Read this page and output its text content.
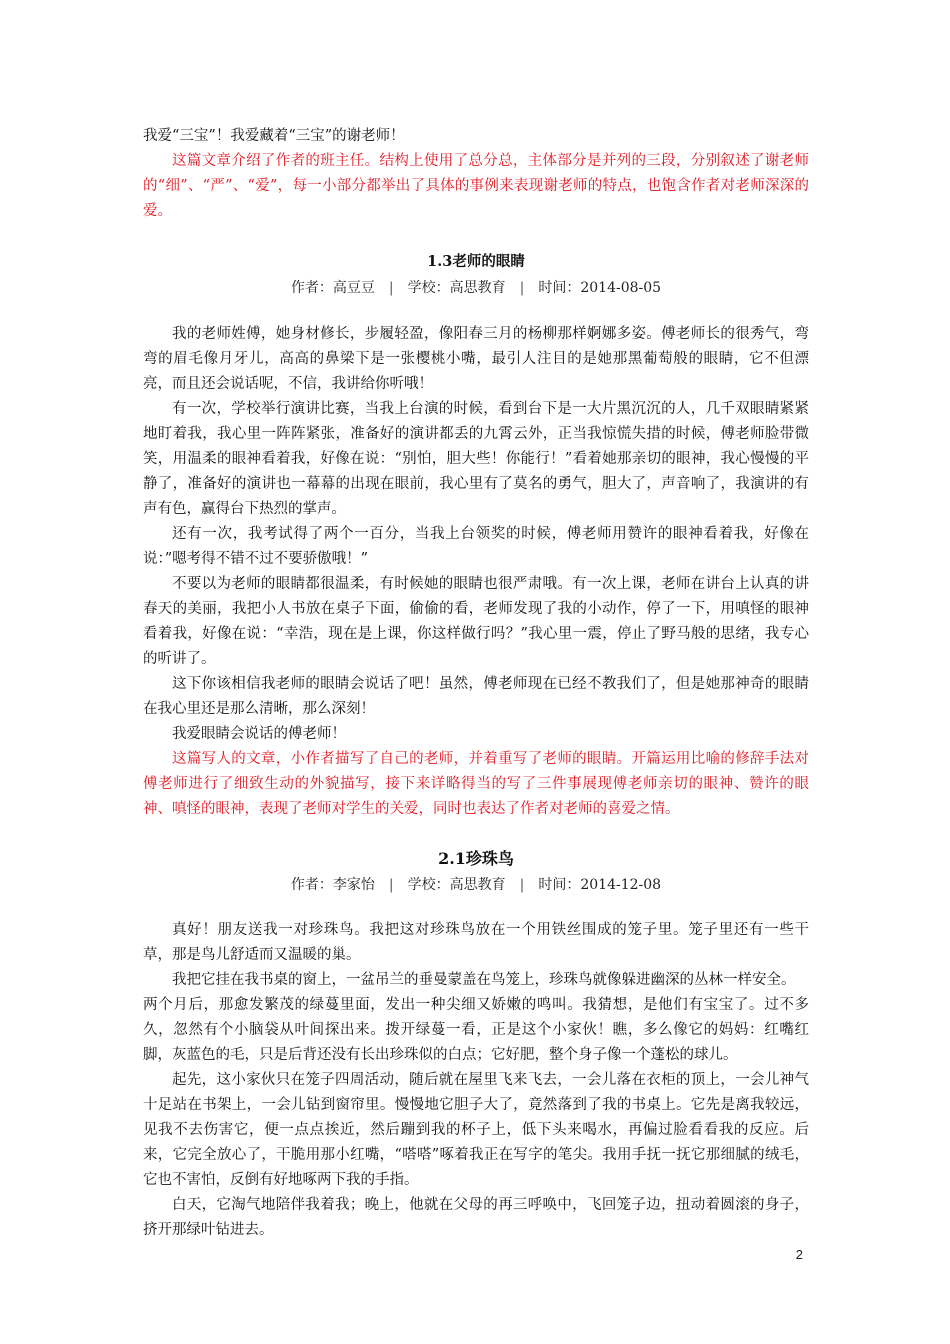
我爱“三宝”！我爱藏着“三宝”的谢老师！

这篇文章介绍了作者的班主任。结构上使用了总分总，主体部分是并列的三段，分别叙述了谢老师的“细”、“严”、“爱”，每一小部分都举出了具体的事例来表现谢老师的特点，也饱含作者对老师深深的爱。

1.3老师的眼睛
作者：高豆豆 | 学校：高思教育 | 时间：2014-08-05

我的老师姓傅，她身材修长，步履轻盈，像阳春三月的杨柳那样婀娜多姿。傅老师长的很秀气，弯弯的眉毛像月牙儿，高高的鼻梁下是一张樱桃小嘴，最引人注目的是她那黑葡萄般的眼睛，它不但漂亮，而且还会说话呢，不信，我讲给你听哦！

有一次，学校举行演讲比赛，当我上台演的时候，看到台下是一大片黑沉沉的人，几千双眼睛紧紧地盯着我，我心里一阵阵紧张，准备好的演讲都丢的九霄云外，正当我惊慌失措的时候，傅老师脸带微笑，用温柔的眼神看着我，好像在说：“别怕，胆大些！你能行！”看着她那亲切的眼神，我心慢慢的平静了，准备好的演讲也一幕幕的出现在眼前，我心里有了莫名的勇气，胆大了，声音响了，我演讲的有声有色，赢得台下热烈的掌声。

还有一次，我考试得了两个一百分，当我上台领奖的时候，傅老师用赞许的眼神看着我，好像在说：”嗯考得不错不过不要骄傲哦！”

不要以为老师的眼睛都很温柔，有时候她的眼睛也很严肃哦。有一次上课，老师在讲台上认真的讲春天的美丽，我把小人书放在桌子下面，偷偷的看，老师发现了我的小动作，停了一下，用嗔怪的眼神看着我，好像在说：“幸浩，现在是上课，你这样做行吗？”我心里一震，停止了野马般的思绪，我专心的听讲了。

这下你该相信我老师的眼睛会说话了吧！虽然，傅老师现在已经不教我们了，但是她那神奇的眼睛在我心里还是那么清晰，那么深刻！

我爱眼睛会说话的傅老师！

这篇写人的文章，小作者描写了自己的老师，并着重写了老师的眼睛。开篇运用比喻的修辞手法对傅老师进行了细致生动的外貌描写，接下来详略得当的写了三件事展现傅老师亲切的眼神、赞许的眼神、嗔怪的眼神，表现了老师对学生的关爱，同时也表达了作者对老师的喜爱之情。

2.1珍珠鸟
作者：李家怡 | 学校：高思教育 | 时间：2014-12-08

真好！朋友送我一对珍珠鸟。我把这对珍珠鸟放在一个用铁丝围成的笼子里。笼子里还有一些干草，那是鸟儿舒适而又温暖的巢。

我把它挂在我书桌的窗上，一盆吊兰的垂曼蒙盖在鸟笼上，珍珠鸟就像躲进幽深的丛林一样安全。

两个月后，那愈发繁茂的绿蔓里面，发出一种尖细又娇嫩的鸣叫。我猜想，是他们有宝宝了。过不多久，忽然有个小脑袋从叶间探出来。拨开绿蔓一看，正是这个小家伙！瞧，多么像它的妈妈：红嘴红脚，灰蓝色的毛，只是后背还没有长出珍珠似的白点；它好肥，整个身子像一个蓬松的球儿。

起先，这小家伙只在笼子四周活动，随后就在屋里飞来飞去，一会儿落在衣柜的顶上，一会儿神气十足站在书架上，一会儿钻到窗帘里。慢慢地它胆子大了，竟然落到了我的书桌上。它先是离我较远，见我不去伤害它，便一点点挨近，然后蹦到我的杯子上，低下头来喝水，再偏过脸看看我的反应。后来，它完全放心了，干脆用那小红嘴，“嗒嗒”啄着我正在写字的笔尖。我用手抚一抚它那细腻的绒毛，它也不害怕，反倒有好地啄两下我的手指。

白天，它淘气地陪伴我着我；晚上，他就在父母的再三呼唤中，飞回笼子边，扭动着圆滚的身子，挤开那绿叶钻进去。

2
